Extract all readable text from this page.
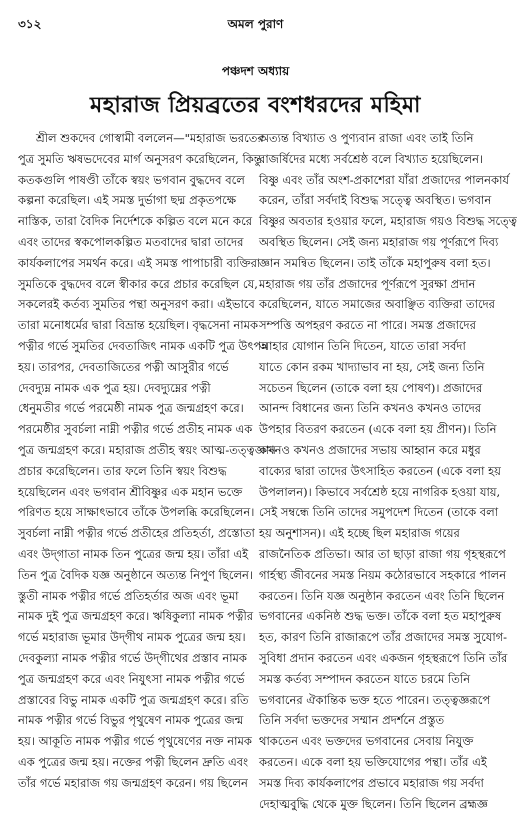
৩১২	অমল পুরাণ
পঞ্চদশ অধ্যায়
মহারাজ প্রিয়ব্রতের বংশধরদের মহিমা
শ্রীল শুকদেব গোস্বামী বললেন—"মহারাজ ভরতের
পুত্র সুমতি ঋষভদেবের মার্গ অনুসরণ করেছিলেন, কিন্তু
কতকগুলি পাষণ্ডী তাঁকে স্বয়ং ভগবান বুদ্ধদেব বলে
কল্পনা করেছিল। এই সমস্ত দুর্ভাগা ছদ্ম প্রকৃতপক্ষে
নাস্তিক, তারা বৈদিক নির্দেশকে কল্পিত বলে মনে করে
এবং তাদের স্বকপোলকল্পিত মতবাদের দ্বারা তাদের
কার্যকলাপের সমর্থন করে। এই সমস্ত পাপাচারী ব্যক্তিরা
সুমতিকে বুদ্ধদেব বলে স্বীকার করে প্রচার করেছিল যে,
সকলেরই কর্তব্য সুমতির পন্থা অনুসরণ করা। এইভাবে
তারা মনোধর্মের দ্বারা বিভ্রান্ত হয়েছিল। বৃদ্ধসেনা নামক
পত্নীর গর্ভে সুমতির দেবতাজিৎ নামক একটি পুত্র উৎপন্ন
হয়। তারপর, দেবতাজিতের পত্নী আসুরীর গর্ভে
দেবদ্যুম্ন নামক এক পুত্র হয়। দেবদ্যুম্নের পত্নী
ধেনুমতীর গর্ভে পরমেষ্ঠী নামক পুত্র জন্মগ্রহণ করে।
পরমেষ্ঠীর সুবর্চলা নাম্নী পত্নীর গর্ভে প্রতীহ নামক এক
পুত্র জন্মগ্রহণ করে। মহারাজ প্রতীহ স্বয়ং আত্ম-তত্ত্বজ্ঞান
প্রচার করেছিলেন। তার ফলে তিনি স্বয়ং বিশুদ্ধ
হয়েছিলেন এবং ভগবান শ্রীবিষ্ণুর এক মহান ভক্তে
পরিণত হয়ে সাক্ষাৎভাবে তাঁকে উপলব্ধি করেছিলেন।
সুবর্চলা নাম্নী পত্নীর গর্ভে প্রতীহের প্রতিহর্তা, প্রস্তোতা
এবং উদ্‌গাতা নামক তিন পুত্রের জন্ম হয়। তাঁরা এই
তিন পুত্র বৈদিক যজ্ঞ অনুষ্ঠানে অত্যন্ত নিপুণ ছিলেন।
স্তুতী নামক পত্নীর গর্ভে প্রতিহর্তার অজ এবং ভূমা
নামক দুই পুত্র জন্মগ্রহণ করে। ঋষিকুল্যা নামক পত্নীর
গর্ভে মহারাজ ভূমার উদ্‌গীথ নামক পুত্রের জন্ম হয়।
দেবকুল্যা নামক পত্নীর গর্ভে উদ্‌গীথের প্রস্তাব নামক
পুত্র জন্মগ্রহণ করে এবং নিযুৎসা নামক পত্নীর গর্ভে
প্রস্তাবের বিভু নামক একটি পুত্র জন্মগ্রহণ করে। রতি
নামক পত্নীর গর্ভে বিভুর পৃথুষেণ নামক পুত্রের জন্ম
হয়। আকূতি নামক পত্নীর গর্ভে পৃথুষেণের নক্ত নামক
এক পুত্রের জন্ম হয়। নক্তের পত্নী ছিলেন দ্রুতি এবং
তাঁর গর্ভে মহারাজ গয় জন্মগ্রহণ করেন। গয় ছিলেন
অত্যন্ত বিখ্যাত ও পুণ্যবান রাজা এবং তাই তিনি
রাজর্ষিদের মধ্যে সর্বশ্রেষ্ঠ বলে বিখ্যাত হয়েছিলেন।
বিষ্ণু এবং তাঁর অংশ-প্রকাশেরা যাঁরা প্রজাদের পালনকার্য
করেন, তাঁরা সর্বদাই বিশুদ্ধ সত্ত্বে অবস্থিত। ভগবান
বিষ্ণুর অবতার হওয়ার ফলে, মহারাজ গয়ও বিশুদ্ধ সত্ত্বে
অবস্থিত ছিলেন। সেই জন্য মহারাজ গয় পূর্ণরূপে দিব্য
জ্ঞান সমন্বিত ছিলেন। তাই তাঁকে মহাপুরুষ বলা হত।
মহারাজ গয় তাঁর প্রজাদের পূর্ণরূপে সুরক্ষা প্রদান
করেছিলেন, যাতে সমাজের অবাঞ্ছিত ব্যক্তিরা তাদের
সম্পত্তি অপহরণ করতে না পারে। সমস্ত প্রজাদের
আহার যোগান তিনি দিতেন, যাতে তারা সর্বদা
যাতে কোন রকম খাদ্যাভাব না হয়, সেই জন্য তিনি
সচেতন ছিলেন (তাকে বলা হয় পোষণ)। প্রজাদের
আনন্দ বিধানের জন্য তিনি কখনও কখনও তাদের
উপহার বিতরণ করতেন (একে বলা হয় প্রীণন)। তিনি
কখনও কখনও প্রজাদের সভায় আহ্বান করে মধুর
বাক্যের দ্বারা তাদের উৎসাহিত করতেন (একে বলা হয়
উপলালন)। কিভাবে সর্বশ্রেষ্ঠ হয়ে নাগরিক হওয়া যায়,
সেই সম্বন্ধে তিনি তাদের সমুপদেশ দিতেন (তাকে বলা
হয় অনুশাসন)। এই হচ্ছে ছিল মহারাজ গয়ের
রাজনৈতিক প্রতিভা। আর তা ছাড়া রাজা গয় গৃহস্থরূপে
গার্হস্থ্য জীবনের সমস্ত নিয়ম কঠোরভাবে সহকারে পালন
করতেন। তিনি যজ্ঞ অনুষ্ঠান করতেন এবং তিনি ছিলেন
ভগবানের একনিষ্ঠ শুদ্ধ ভক্ত। তাঁকে বলা হত মহাপুরুষ
হত, কারণ তিনি রাজারূপে তাঁর প্রজাদের সমস্ত সুযোগ-
সুবিধা প্রদান করতেন এবং একজন গৃহস্থরূপে তিনি তাঁর
সমস্ত কর্তব্য সম্পাদন করতেন যাতে চরমে তিনি
ভগবানের ঐকান্তিক ভক্ত হতে পারেন। তত্ত্বজ্ঞরূপে
তিনি সর্বদা ভক্তদের সম্মান প্রদর্শনে প্রস্তুত
থাকতেন এবং ভক্তদের ভগবানের সেবায় নিযুক্ত
করতেন। একে বলা হয় ভক্তিযোগের পন্থা। তাঁর এই
সমস্ত দিব্য কার্যকলাপের প্রভাবে মহারাজ গয় সর্বদা
দেহাত্মবুদ্ধি থেকে মুক্ত ছিলেন। তিনি ছিলেন ব্রহ্মজ্ঞ
